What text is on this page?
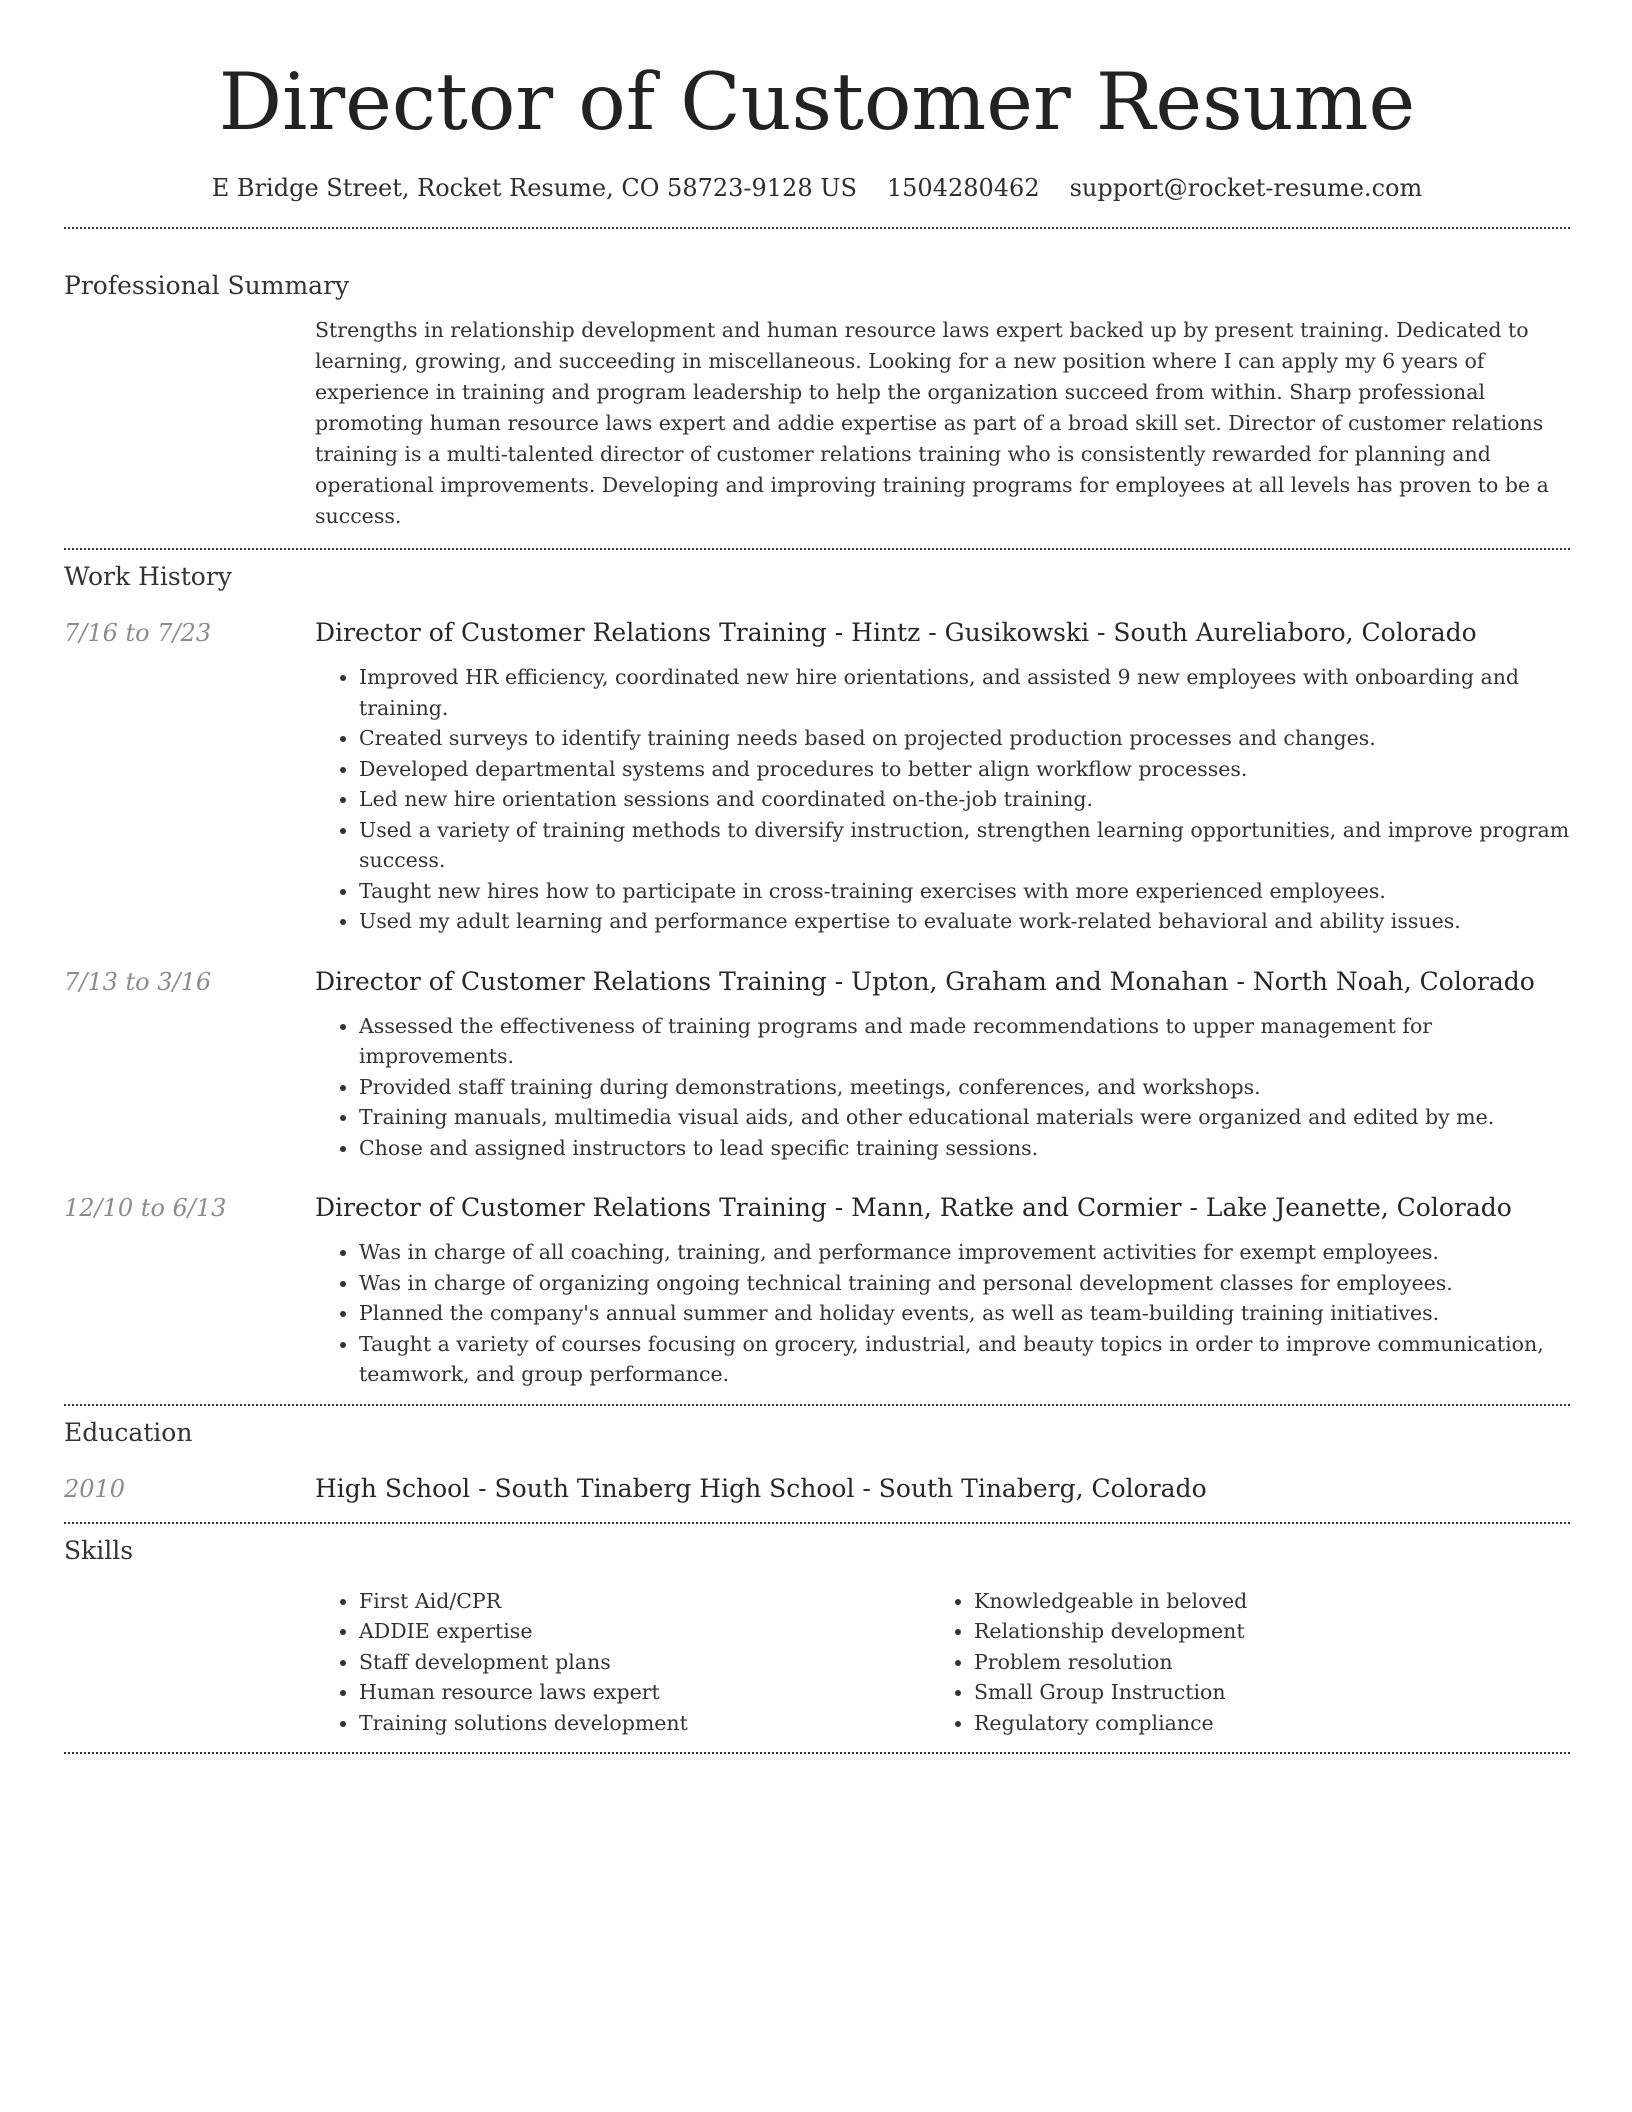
Director of Customer Resume
E Bridge Street, Rocket Resume, CO 58723-9128 US 1504280462 support@rocket-resume.com
Professional Summary
Strengths in relationship development and human resource laws expert backed up by present training. Dedicated to learning, growing, and succeeding in miscellaneous. Looking for a new position where I can apply my 6 years of experience in training and program leadership to help the organization succeed from within. Sharp professional promoting human resource laws expert and addie expertise as part of a broad skill set. Director of customer relations training is a multi-talented director of customer relations training who is consistently rewarded for planning and operational improvements. Developing and improving training programs for employees at all levels has proven to be a success.
Work History
7/16 to 7/23	Director of Customer Relations Training - Hintz - Gusikowski - South Aureliaboro, Colorado
• Improved HR efficiency, coordinated new hire orientations, and assisted 9 new employees with onboarding and training.
• Created surveys to identify training needs based on projected production processes and changes.
• Developed departmental systems and procedures to better align workflow processes.
• Led new hire orientation sessions and coordinated on-the-job training.
• Used a variety of training methods to diversify instruction, strengthen learning opportunities, and improve program success.
• Taught new hires how to participate in cross-training exercises with more experienced employees.
• Used my adult learning and performance expertise to evaluate work-related behavioral and ability issues.
7/13 to 3/16	Director of Customer Relations Training - Upton, Graham and Monahan - North Noah, Colorado
• Assessed the effectiveness of training programs and made recommendations to upper management for improvements.
• Provided staff training during demonstrations, meetings, conferences, and workshops.
• Training manuals, multimedia visual aids, and other educational materials were organized and edited by me.
• Chose and assigned instructors to lead specific training sessions.
12/10 to 6/13	Director of Customer Relations Training - Mann, Ratke and Cormier - Lake Jeanette, Colorado
• Was in charge of all coaching, training, and performance improvement activities for exempt employees.
• Was in charge of organizing ongoing technical training and personal development classes for employees.
• Planned the company's annual summer and holiday events, as well as team-building training initiatives.
• Taught a variety of courses focusing on grocery, industrial, and beauty topics in order to improve communication, teamwork, and group performance.
Education
2010	High School - South Tinaberg High School - South Tinaberg, Colorado
Skills
• First Aid/CPR
• ADDIE expertise
• Staff development plans
• Human resource laws expert
• Training solutions development
• Knowledgeable in beloved
• Relationship development
• Problem resolution
• Small Group Instruction
• Regulatory compliance
